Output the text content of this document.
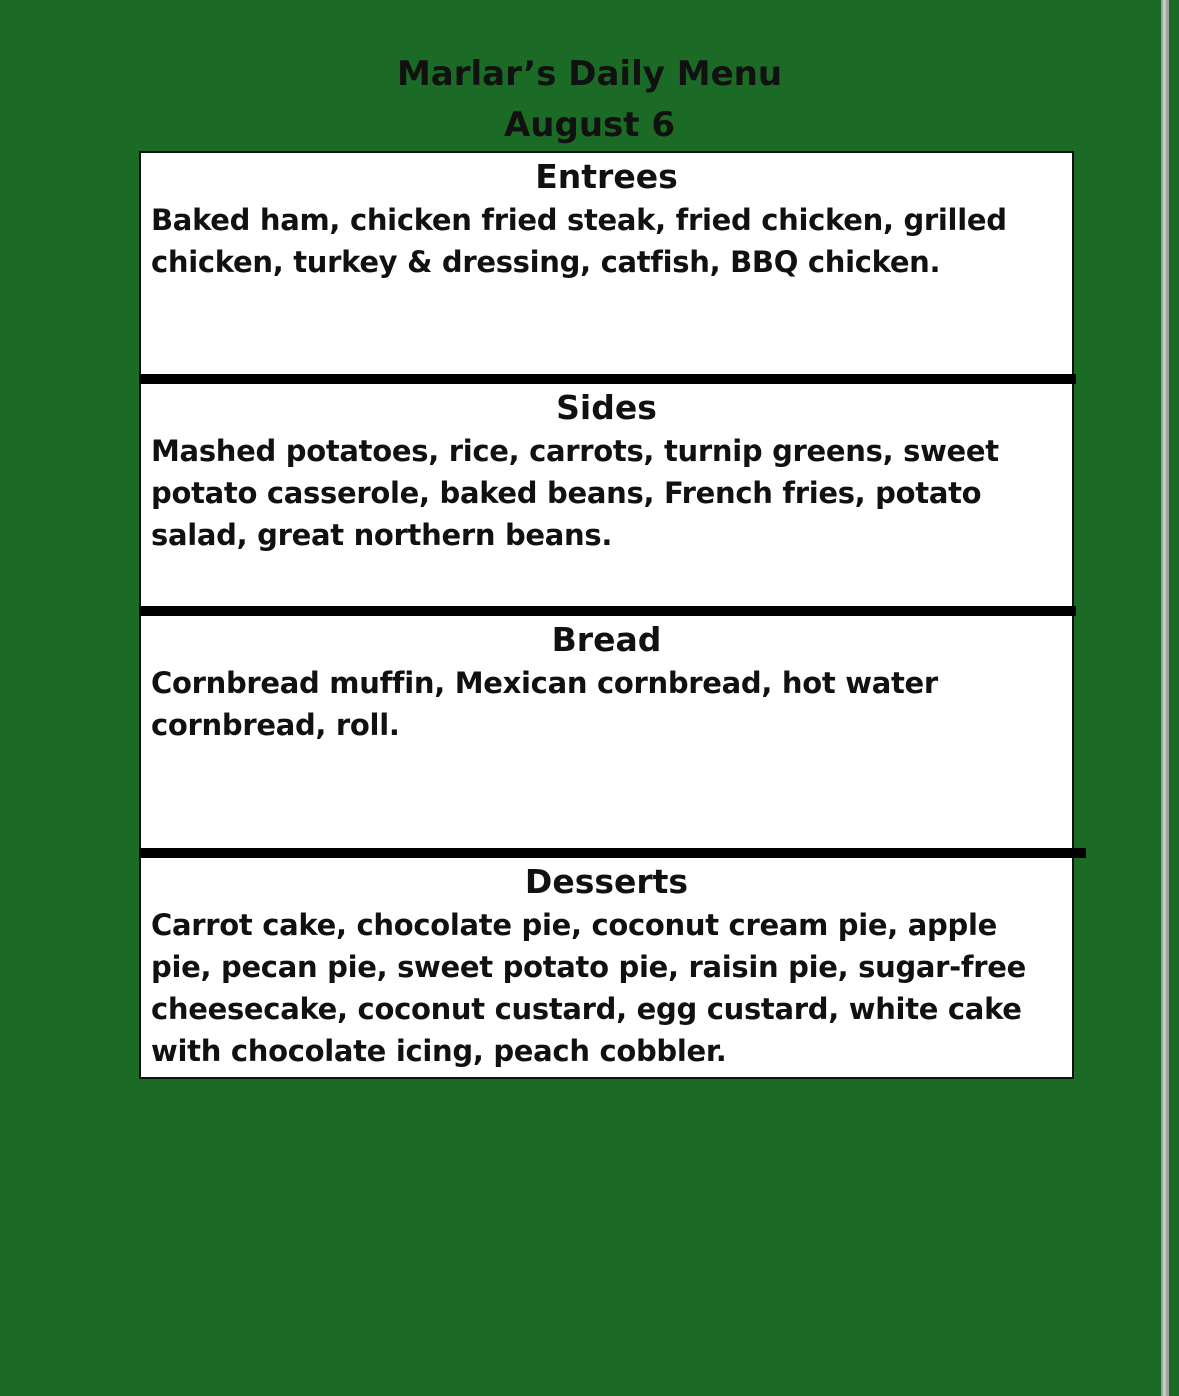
Marlar’s Daily Menu
August 6
Entrees
Baked ham, chicken fried steak, fried chicken, grilled chicken, turkey & dressing, catfish, BBQ chicken.
Sides
Mashed potatoes, rice, carrots, turnip greens, sweet potato casserole, baked beans, French fries, potato salad, great northern beans.
Bread
Cornbread muffin, Mexican cornbread, hot water cornbread, roll.
Desserts
Carrot cake, chocolate pie, coconut cream pie, apple pie, pecan pie, sweet potato pie, raisin pie, sugar-free cheesecake, coconut custard, egg custard, white cake with chocolate icing, peach cobbler.
